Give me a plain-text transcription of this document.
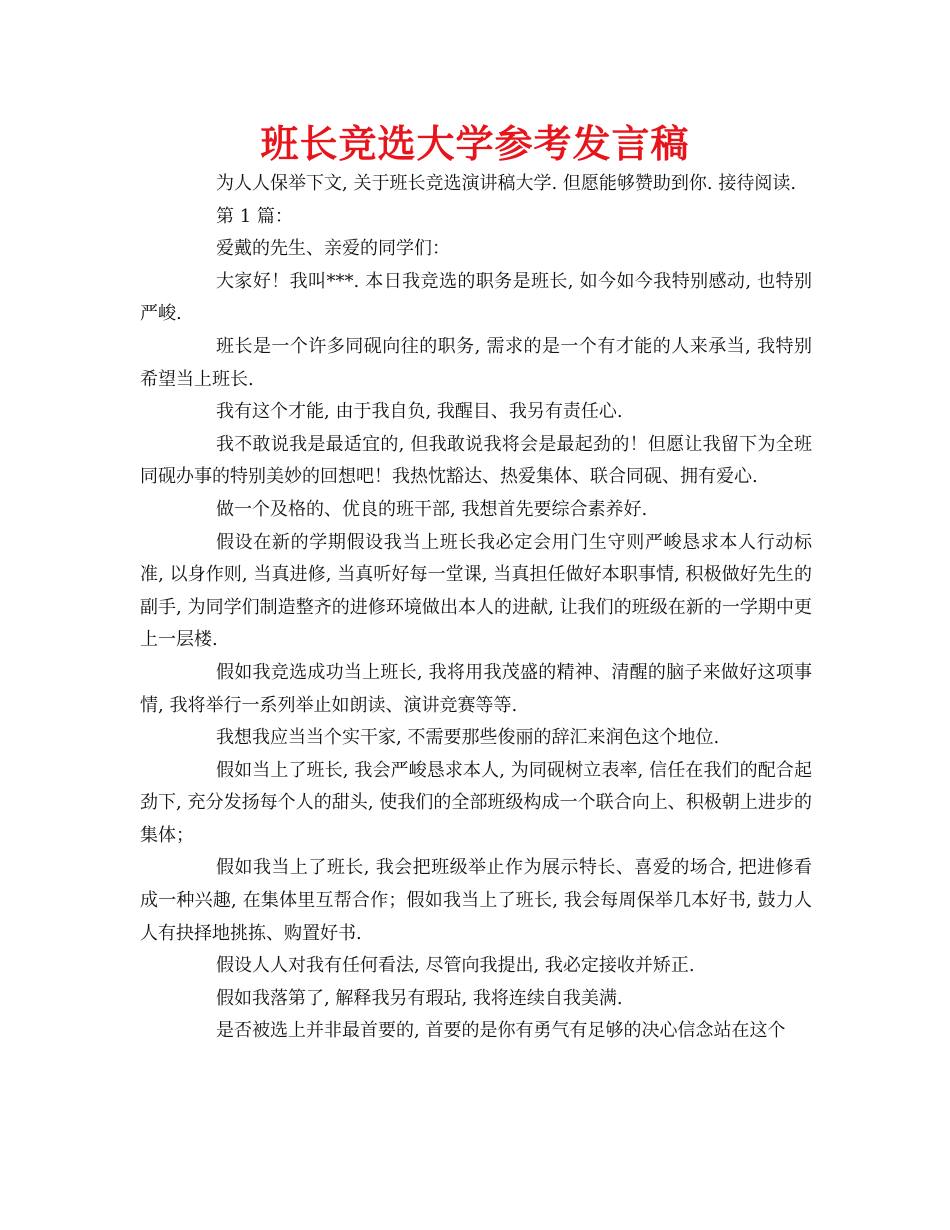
班长竞选大学参考发言稿

为人人保举下文, 关于班长竞选演讲稿大学. 但愿能够赞助到你. 接待阅读.

第 1 篇：

爱戴的先生、亲爱的同学们：

大家好！我叫***. 本日我竞选的职务是班长, 如今如今我特别感动, 也特别严峻.

班长是一个许多同砚向往的职务, 需求的是一个有才能的人来承当, 我特别希望当上班长.

我有这个才能, 由于我自负, 我醒目、我另有责任心.

我不敢说我是最适宜的, 但我敢说我将会是最起劲的！但愿让我留下为全班同砚办事的特别美妙的回想吧！我热忱豁达、热爱集体、联合同砚、拥有爱心.

做一个及格的、优良的班干部, 我想首先要综合素养好.

假设在新的学期假设我当上班长我必定会用门生守则严峻恳求本人行动标准, 以身作则, 当真进修, 当真听好每一堂课, 当真担任做好本职事情, 积极做好先生的副手, 为同学们制造整齐的进修环境做出本人的进献, 让我们的班级在新的一学期中更上一层楼.

假如我竞选成功当上班长, 我将用我茂盛的精神、清醒的脑子来做好这项事情, 我将举行一系列举止如朗读、演讲竞赛等等.

我想我应当当个实干家, 不需要那些俊丽的辞汇来润色这个地位.

假如当上了班长, 我会严峻恳求本人, 为同砚树立表率, 信任在我们的配合起劲下, 充分发扬每个人的甜头, 使我们的全部班级构成一个联合向上、积极朝上进步的集体；

假如我当上了班长, 我会把班级举止作为展示特长、喜爱的场合, 把进修看成一种兴趣, 在集体里互帮合作；假如我当上了班长, 我会每周保举几本好书, 鼓力人人有抉择地挑拣、购置好书.

假设人人对我有任何看法, 尽管向我提出, 我必定接收并矫正.

假如我落第了, 解释我另有瑕玷, 我将连续自我美满.

是否被选上并非最首要的, 首要的是你有勇气有足够的决心信念站在这个
